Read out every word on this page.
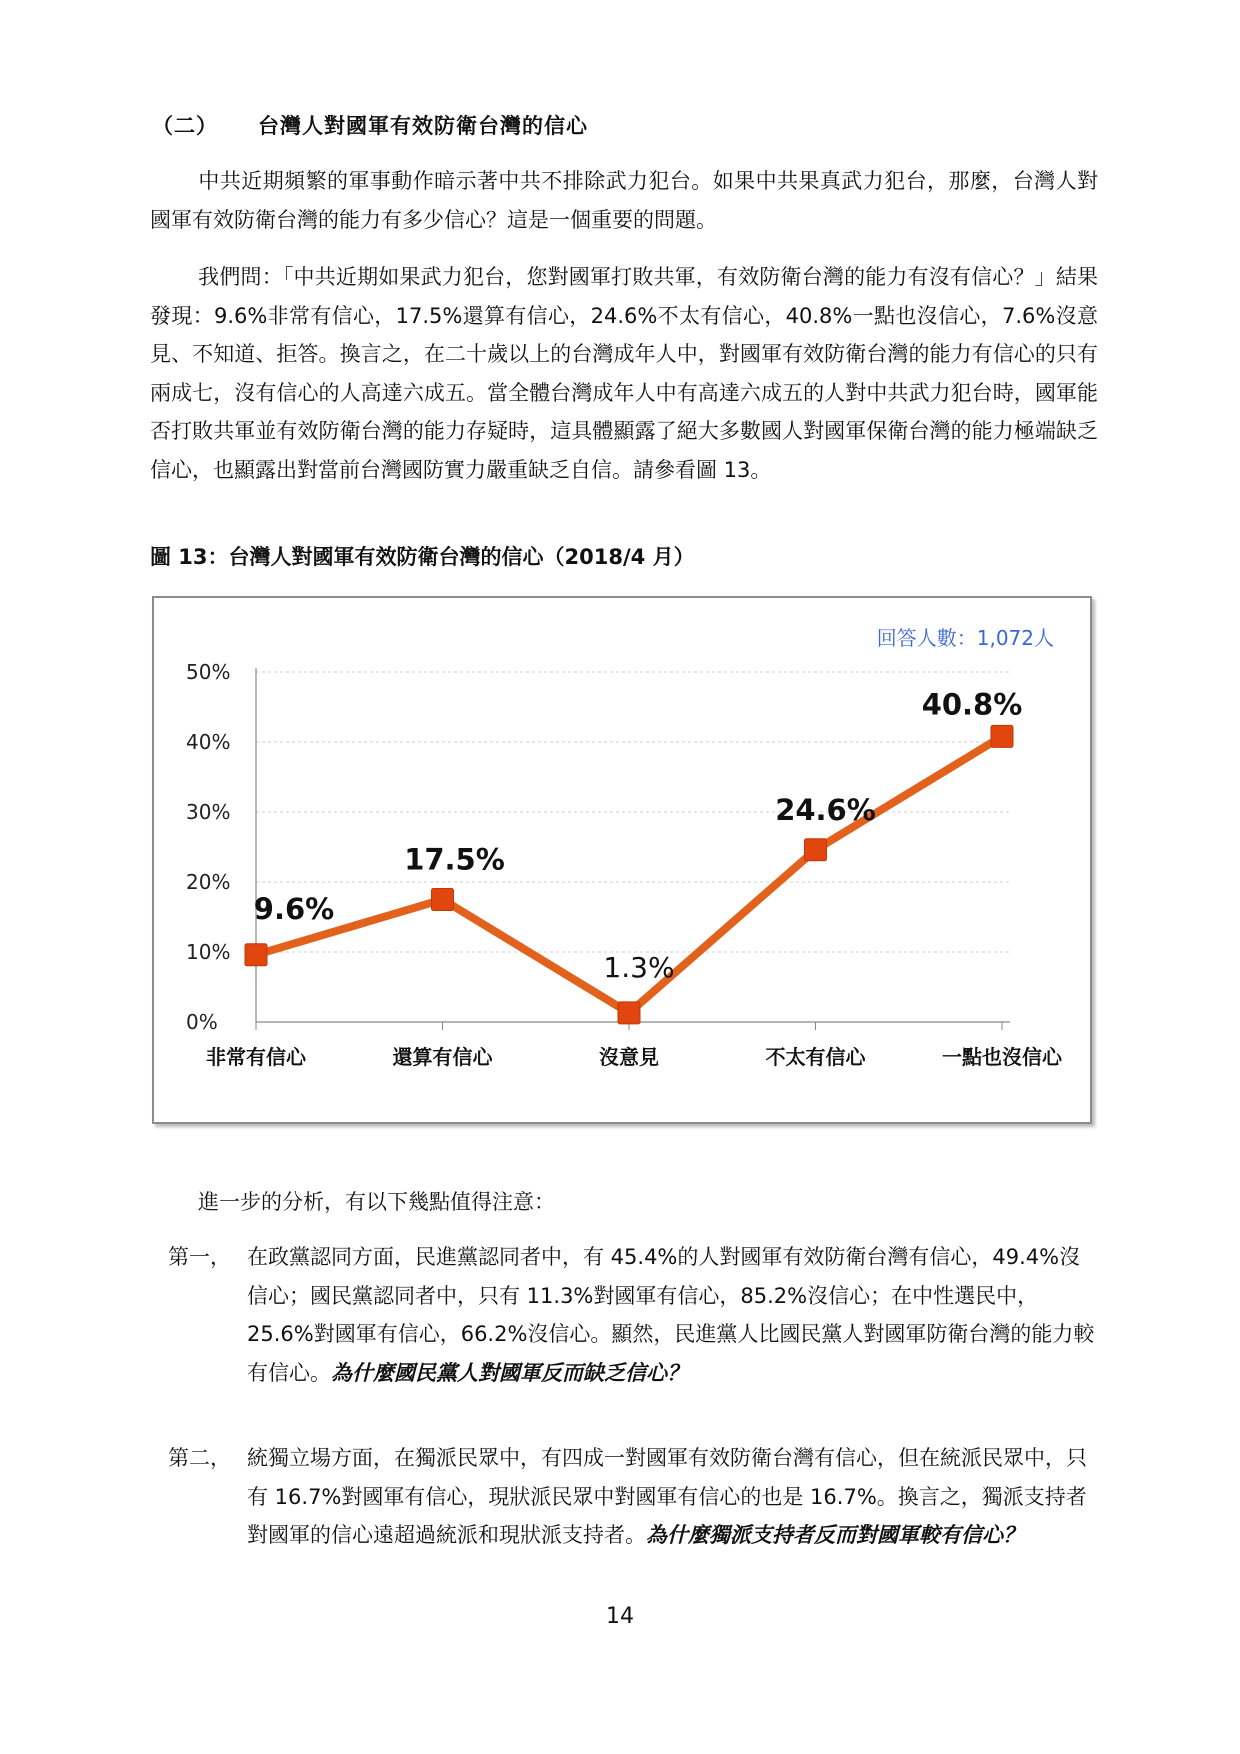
（二） 台灣人對國軍有效防衛台灣的信心
中共近期頻繁的軍事動作暗示著中共不排除武力犯台。如果中共果真武力犯台，那麼，台灣人對國軍有效防衛台灣的能力有多少信心？這是一個重要的問題。
我們問：「中共近期如果武力犯台，您對國軍打敗共軍，有效防衛台灣的能力有沒有信心？」結果發現：9.6%非常有信心，17.5%還算有信心，24.6%不太有信心，40.8%一點也沒信心，7.6%沒意見、不知道、拒答。換言之，在二十歲以上的台灣成年人中，對國軍有效防衛台灣的能力有信心的只有兩成七，沒有信心的人高達六成五。當全體台灣成年人中有高達六成五的人對中共武力犯台時，國軍能否打敗共軍並有效防衛台灣的能力存疑時，這具體顯露了絕大多數國人對國軍保衛台灣的能力極端缺乏信心，也顯露出對當前台灣國防實力嚴重缺乏自信。請參看圖 13。
圖 13：台灣人對國軍有效防衛台灣的信心（2018/4 月）
回答人數：1,072人
0%
10%
20%
30%
40%
50%
非常有信心	還算有信心	沒意見	不太有信心	一點也沒信心
9.6%
17.5%
1.3%
24.6%
40.8%
進一步的分析，有以下幾點值得注意：
第一， 在政黨認同方面，民進黨認同者中，有 45.4%的人對國軍有效防衛台灣有信心，49.4%沒信心；國民黨認同者中，只有 11.3%對國軍有信心，85.2%沒信心；在中性選民中，25.6%對國軍有信心，66.2%沒信心。顯然，民進黨人比國民黨人對國軍防衛台灣的能力較有信心。為什麼國民黨人對國軍反而缺乏信心？
第二， 統獨立場方面，在獨派民眾中，有四成一對國軍有效防衛台灣有信心，但在統派民眾中，只有 16.7%對國軍有信心，現狀派民眾中對國軍有信心的也是 16.7%。換言之，獨派支持者對國軍的信心遠超過統派和現狀派支持者。為什麼獨派支持者反而對國軍較有信心？
14
